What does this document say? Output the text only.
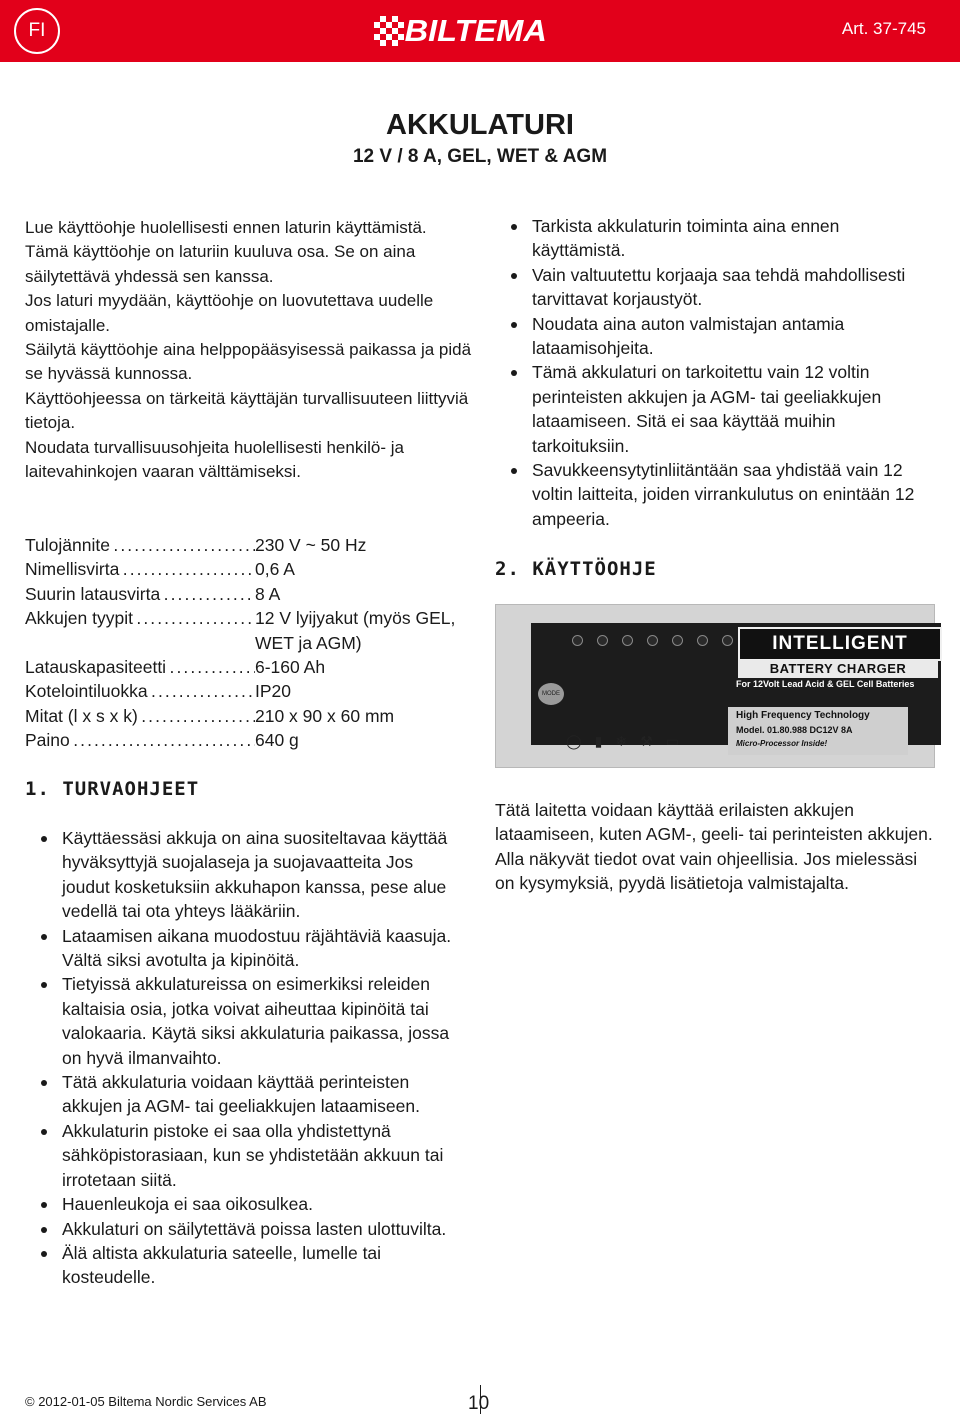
FI	BILTEMA	Art. 37-745
AKKULATURI
12 V / 8 A, GEL, WET & AGM

Lue käyttöohje huolellisesti ennen laturin käyttämistä.

Tämä käyttöohje on laturiin kuuluva osa. Se on aina säilytettävä yhdessä sen kanssa.

Jos laturi myydään, käyttöohje on luovutettava uudelle omistajalle.

Säilytä käyttöohje aina helppopääsyisessä paikassa ja pidä se hyvässä kunnossa.

Käyttöohjeessa on tärkeitä käyttäjän turvallisuuteen liittyviä tietoja.

Noudata turvallisuusohjeita huolellisesti henkilö- ja laitevahinkojen vaaran välttämiseksi.

Tulojännite . . .	230 V ~ 50 Hz
Nimellisvirta . . .	0,6 A
Suurin latausvirta . . .	8 A
Akkujen tyypit . . .	12 V lyijyakut (myös GEL, WET ja AGM)
Latauskapasiteetti . . .	6-160 Ah
Kotelointiluokka . . .	IP20
Mitat (l x s x k) . . .	210 x 90 x 60 mm
Paino . . .	640 g
1. TURVAOHJEET
Käyttäessäsi akkuja on aina suositeltavaa käyttää hyväksyttyjä suojalaseja ja suojavaatteita Jos joudut kosketuksiin akkuhapon kanssa, pese alue vedellä tai ota yhteys lääkäriin.
Lataamisen aikana muodostuu räjähtäviä kaasuja. Vältä siksi avotulta ja kipinöitä.
Tietyissä akkulatureissa on esimerkiksi releiden kaltaisia osia, jotka voivat aiheuttaa kipinöitä tai valokaaria. Käytä siksi akkulaturia paikassa, jossa on hyvä ilmanvaihto.
Tätä akkulaturia voidaan käyttää perinteisten akkujen ja AGM- tai geeliakkujen lataamiseen.
Akkulaturin pistoke ei saa olla yhdistettynä sähköpistorasiaan, kun se yhdistetään akkuun tai irrotetaan siitä.
Hauenleukoja ei saa oikosulkea.
Akkulaturi on säilytettävä poissa lasten ulottuvilta.
Älä altista akkulaturia sateelle, lumelle tai kosteudelle.
Tarkista akkulaturin toiminta aina ennen käyttämistä.
Vain valtuutettu korjaaja saa tehdä mahdollisesti tarvittavat korjaustyöt.
Noudata aina auton valmistajan antamia lataamisohjeita.
Tämä akkulaturi on tarkoitettu vain 12 voltin perinteisten akkujen ja AGM- tai geeliakkujen lataamiseen. Sitä ei saa käyttää muihin tarkoituksiin.
Savukkeensytytinliitäntään saa yhdistää vain 12 voltin laitteita, joiden virrankulutus on enintään 12 ampeeria.
2. KÄYTTÖOHJE
MODE
INTELLIGENT
BATTERY CHARGER
For 12Volt Lead Acid & GEL Cell Batteries
◯ ▮ ❄ ⚒ ▭
High Frequency Technology
Model. 01.80.988 DC12V 8A
Micro-Processor Inside!

Tätä laitetta voidaan käyttää erilaisten akkujen lataamiseen, kuten AGM-, geeli- tai perinteisten akkujen. Alla näkyvät tiedot ovat vain ohjeellisia. Jos mielessäsi on kysymyksiä, pyydä lisätietoja valmistajalta.

© 2012-01-05 Biltema Nordic Services AB	10
